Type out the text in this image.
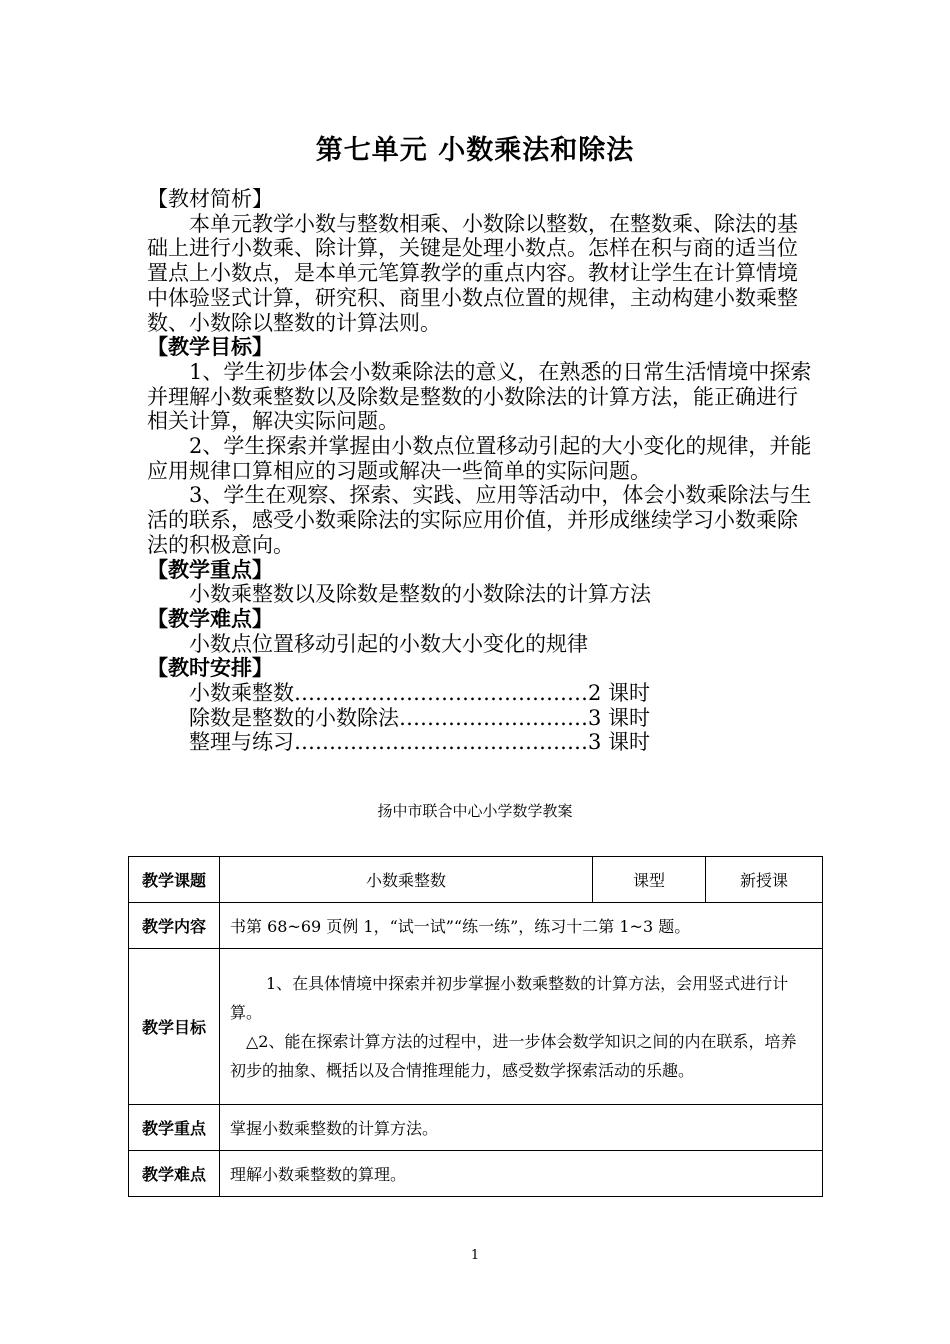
第七单元 小数乘法和除法
【教材简析】

本单元教学小数与整数相乘、小数除以整数，在整数乘、除法的基础上进行小数乘、除计算，关键是处理小数点。怎样在积与商的适当位置点上小数点，是本单元笔算教学的重点内容。教材让学生在计算情境中体验竖式计算，研究积、商里小数点位置的规律，主动构建小数乘整数、小数除以整数的计算法则。

【教学目标】

1、学生初步体会小数乘除法的意义，在熟悉的日常生活情境中探索并理解小数乘整数以及除数是整数的小数除法的计算方法，能正确进行相关计算，解决实际问题。

2、学生探索并掌握由小数点位置移动引起的大小变化的规律，并能应用规律口算相应的习题或解决一些简单的实际问题。

3、学生在观察、探索、实践、应用等活动中，体会小数乘除法与生活的联系，感受小数乘除法的实际应用价值，并形成继续学习小数乘除法的积极意向。

【教学重点】

小数乘整数以及除数是整数的小数除法的计算方法

【教学难点】

小数点位置移动引起的小数大小变化的规律

【教时安排】
小数乘整数 …………………………………… 2 课时
除数是整数的小数除法 ……………………… 3 课时
整理与练习 …………………………………… 3 课时
扬中市联合中心小学数学教案
教学课题	小数乘整数	课型	新授课
教学内容	书第 68~69 页例 1，“试一试”“练一练”，练习十二第 1~3 题。		
教学目标	1、在具体情境中探索并初步掌握小数乘整数的计算方法，会用竖式进行计算。

△2、能在探索计算方法的过程中，进一步体会数学知识之间的内在联系，培养初步的抽象、概括以及合情推理能力，感受数学探索活动的乐趣。		

教学重点	掌握小数乘整数的计算方法。		
教学难点	理解小数乘整数的算理。		
1
